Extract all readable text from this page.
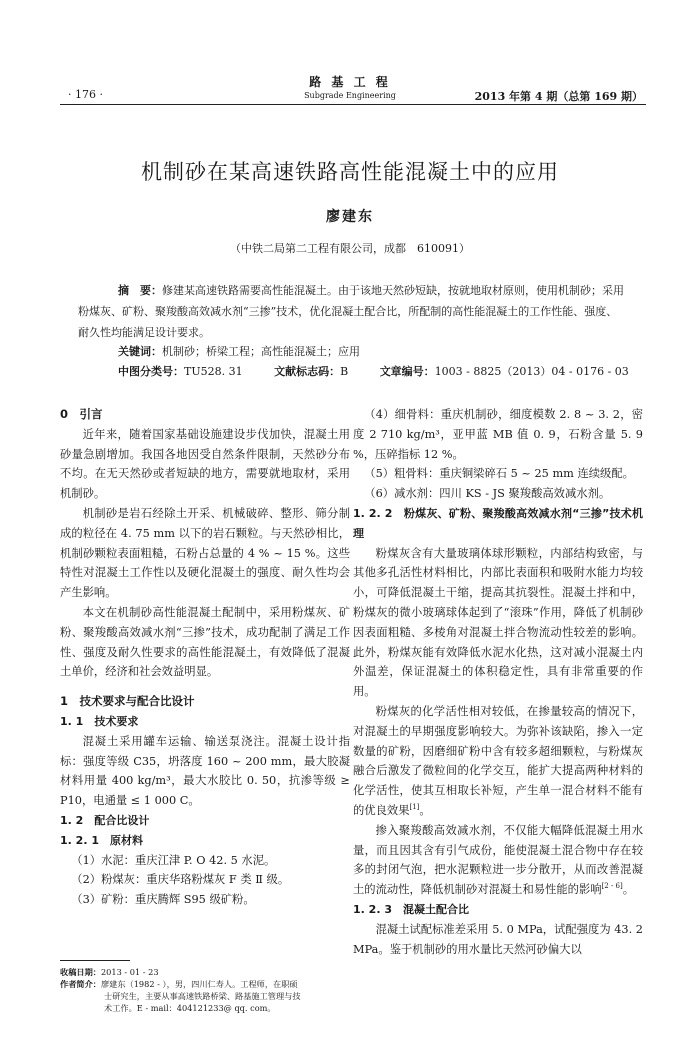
· 176 ·
路 基 工 程
Subgrade Engineering	2013 年第 4 期（总第 169 期）
机制砂在某高速铁路高性能混凝土中的应用
廖建东
（中铁二局第二工程有限公司，成都　610091）
摘　要：修建某高速铁路需要高性能混凝土。由于该地天然砂短缺，按就地取材原则，使用机制砂；采用粉煤灰、矿粉、聚羧酸高效减水剂“三掺”技术，优化混凝土配合比，所配制的高性能混凝土的工作性能、强度、耐久性均能满足设计要求。
关键词：机制砂；桥梁工程；高性能混凝土；应用
中图分类号：TU528. 31	文献标志码：B	文章编号：1003 - 8825（2013）04 - 0176 - 03
0　引言

近年来，随着国家基础设施建设步伐加快，混凝土用砂量急剧增加。我国各地因受自然条件限制，天然砂分布不均。在无天然砂或者短缺的地方，需要就地取材，采用机制砂。

机制砂是岩石经除土开采、机械破碎、整形、筛分制成的粒径在 4. 75 mm 以下的岩石颗粒。与天然砂相比，机制砂颗粒表面粗糙，石粉占总量的 4 % ~ 15 %。这些特性对混凝土工作性以及硬化混凝土的强度、耐久性均会产生影响。

本文在机制砂高性能混凝土配制中，采用粉煤灰、矿粉、聚羧酸高效减水剂“三掺”技术，成功配制了满足工作性、强度及耐久性要求的高性能混凝土，有效降低了混凝土单价，经济和社会效益明显。

1　技术要求与配合比设计
1. 1　技术要求

混凝土采用罐车运输、输送泵浇注。混凝土设计指标：强度等级 C35，坍落度 160 ~ 200 mm，最大胶凝材料用量 400 kg/m³，最大水胶比 0. 50，抗渗等级 ≥ P10，电通量 ≤ 1 000 C。

1. 2　配合比设计
1. 2. 1　原材料

（1）水泥：重庆江津 P. O 42. 5 水泥。

（2）粉煤灰：重庆华珞粉煤灰 F 类 Ⅱ 级。

（3）矿粉：重庆腾辉 S95 级矿粉。

收稿日期：2013 - 01 - 23
作者简介：廖建东（1982 - ），男，四川仁寿人。工程师，在职硕
士研究生，主要从事高速铁路桥梁、路基施工管理与技
术工作。E - mail：404121233@ qq. com。

（4）细骨料：重庆机制砂，细度模数 2. 8 ~ 3. 2，密度 2 710 kg/m³，亚甲蓝 MB 值 0. 9，石粉含量 5. 9 %，压碎指标 12 %。

（5）粗骨料：重庆铜梁碎石 5 ~ 25 mm 连续级配。

（6）减水剂：四川 KS - JS 聚羧酸高效减水剂。

1. 2. 2　粉煤灰、矿粉、聚羧酸高效减水剂“三掺”技术机理

粉煤灰含有大量玻璃体球形颗粒，内部结构致密，与其他多孔活性材料相比，内部比表面积和吸附水能力均较小，可降低混凝土干缩，提高其抗裂性。混凝土拌和中，粉煤灰的微小玻璃球体起到了“滚珠”作用，降低了机制砂因表面粗糙、多棱角对混凝土拌合物流动性较差的影响。此外，粉煤灰能有效降低水泥水化热，这对减小混凝土内外温差，保证混凝土的体积稳定性，具有非常重要的作用。

粉煤灰的化学活性相对较低，在掺量较高的情况下，对混凝土的早期强度影响较大。为弥补该缺陷，掺入一定数量的矿粉，因磨细矿粉中含有较多超细颗粒，与粉煤灰融合后激发了微粒间的化学交互，能扩大提高两种材料的化学活性，使其互相取长补短，产生单一混合材料不能有的优良效果[1]。

掺入聚羧酸高效减水剂，不仅能大幅降低混凝土用水量，而且因其含有引气成份，能使混凝土混合物中存在较多的封闭气泡，把水泥颗粒进一步分散开，从而改善混凝土的流动性，降低机制砂对混凝土和易性能的影响[2 - 6]。

1. 2. 3　混凝土配合比

混凝土试配标准差采用 5. 0 MPa，试配强度为 43. 2 MPa。鉴于机制砂的用水量比天然河砂偏大以
